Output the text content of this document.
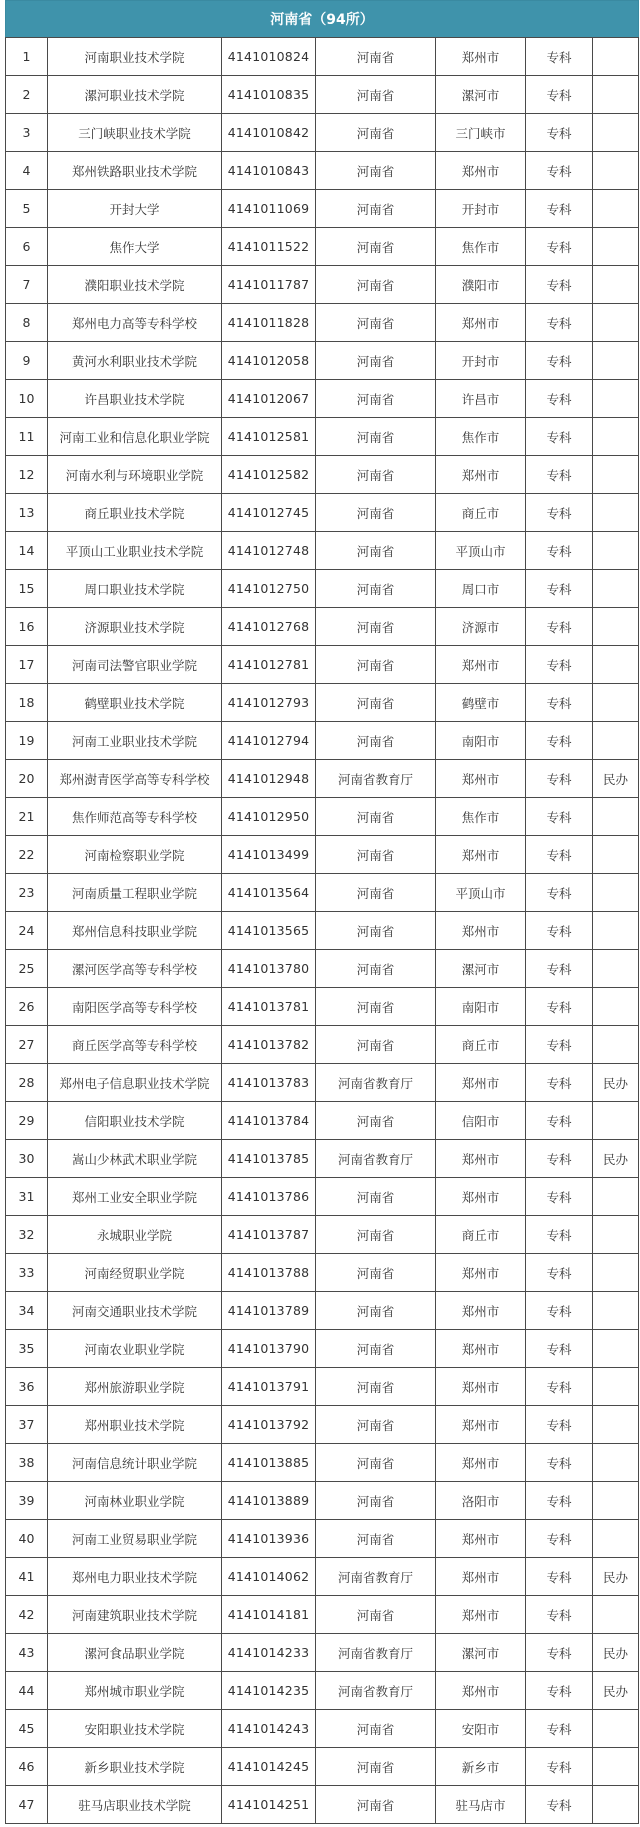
河南省（94所）						
1	河南职业技术学院	4141010824	河南省	郑州市	专科	
2	漯河职业技术学院	4141010835	河南省	漯河市	专科	
3	三门峡职业技术学院	4141010842	河南省	三门峡市	专科	
4	郑州铁路职业技术学院	4141010843	河南省	郑州市	专科	
5	开封大学	4141011069	河南省	开封市	专科	
6	焦作大学	4141011522	河南省	焦作市	专科	
7	濮阳职业技术学院	4141011787	河南省	濮阳市	专科	
8	郑州电力高等专科学校	4141011828	河南省	郑州市	专科	
9	黄河水利职业技术学院	4141012058	河南省	开封市	专科	
10	许昌职业技术学院	4141012067	河南省	许昌市	专科	
11	河南工业和信息化职业学院	4141012581	河南省	焦作市	专科	
12	河南水利与环境职业学院	4141012582	河南省	郑州市	专科	
13	商丘职业技术学院	4141012745	河南省	商丘市	专科	
14	平顶山工业职业技术学院	4141012748	河南省	平顶山市	专科	
15	周口职业技术学院	4141012750	河南省	周口市	专科	
16	济源职业技术学院	4141012768	河南省	济源市	专科	
17	河南司法警官职业学院	4141012781	河南省	郑州市	专科	
18	鹤壁职业技术学院	4141012793	河南省	鹤壁市	专科	
19	河南工业职业技术学院	4141012794	河南省	南阳市	专科	
20	郑州澍青医学高等专科学校	4141012948	河南省教育厅	郑州市	专科	民办
21	焦作师范高等专科学校	4141012950	河南省	焦作市	专科	
22	河南检察职业学院	4141013499	河南省	郑州市	专科	
23	河南质量工程职业学院	4141013564	河南省	平顶山市	专科	
24	郑州信息科技职业学院	4141013565	河南省	郑州市	专科	
25	漯河医学高等专科学校	4141013780	河南省	漯河市	专科	
26	南阳医学高等专科学校	4141013781	河南省	南阳市	专科	
27	商丘医学高等专科学校	4141013782	河南省	商丘市	专科	
28	郑州电子信息职业技术学院	4141013783	河南省教育厅	郑州市	专科	民办
29	信阳职业技术学院	4141013784	河南省	信阳市	专科	
30	嵩山少林武术职业学院	4141013785	河南省教育厅	郑州市	专科	民办
31	郑州工业安全职业学院	4141013786	河南省	郑州市	专科	
32	永城职业学院	4141013787	河南省	商丘市	专科	
33	河南经贸职业学院	4141013788	河南省	郑州市	专科	
34	河南交通职业技术学院	4141013789	河南省	郑州市	专科	
35	河南农业职业学院	4141013790	河南省	郑州市	专科	
36	郑州旅游职业学院	4141013791	河南省	郑州市	专科	
37	郑州职业技术学院	4141013792	河南省	郑州市	专科	
38	河南信息统计职业学院	4141013885	河南省	郑州市	专科	
39	河南林业职业学院	4141013889	河南省	洛阳市	专科	
40	河南工业贸易职业学院	4141013936	河南省	郑州市	专科	
41	郑州电力职业技术学院	4141014062	河南省教育厅	郑州市	专科	民办
42	河南建筑职业技术学院	4141014181	河南省	郑州市	专科	
43	漯河食品职业学院	4141014233	河南省教育厅	漯河市	专科	民办
44	郑州城市职业学院	4141014235	河南省教育厅	郑州市	专科	民办
45	安阳职业技术学院	4141014243	河南省	安阳市	专科	
46	新乡职业技术学院	4141014245	河南省	新乡市	专科	
47	驻马店职业技术学院	4141014251	河南省	驻马店市	专科	
